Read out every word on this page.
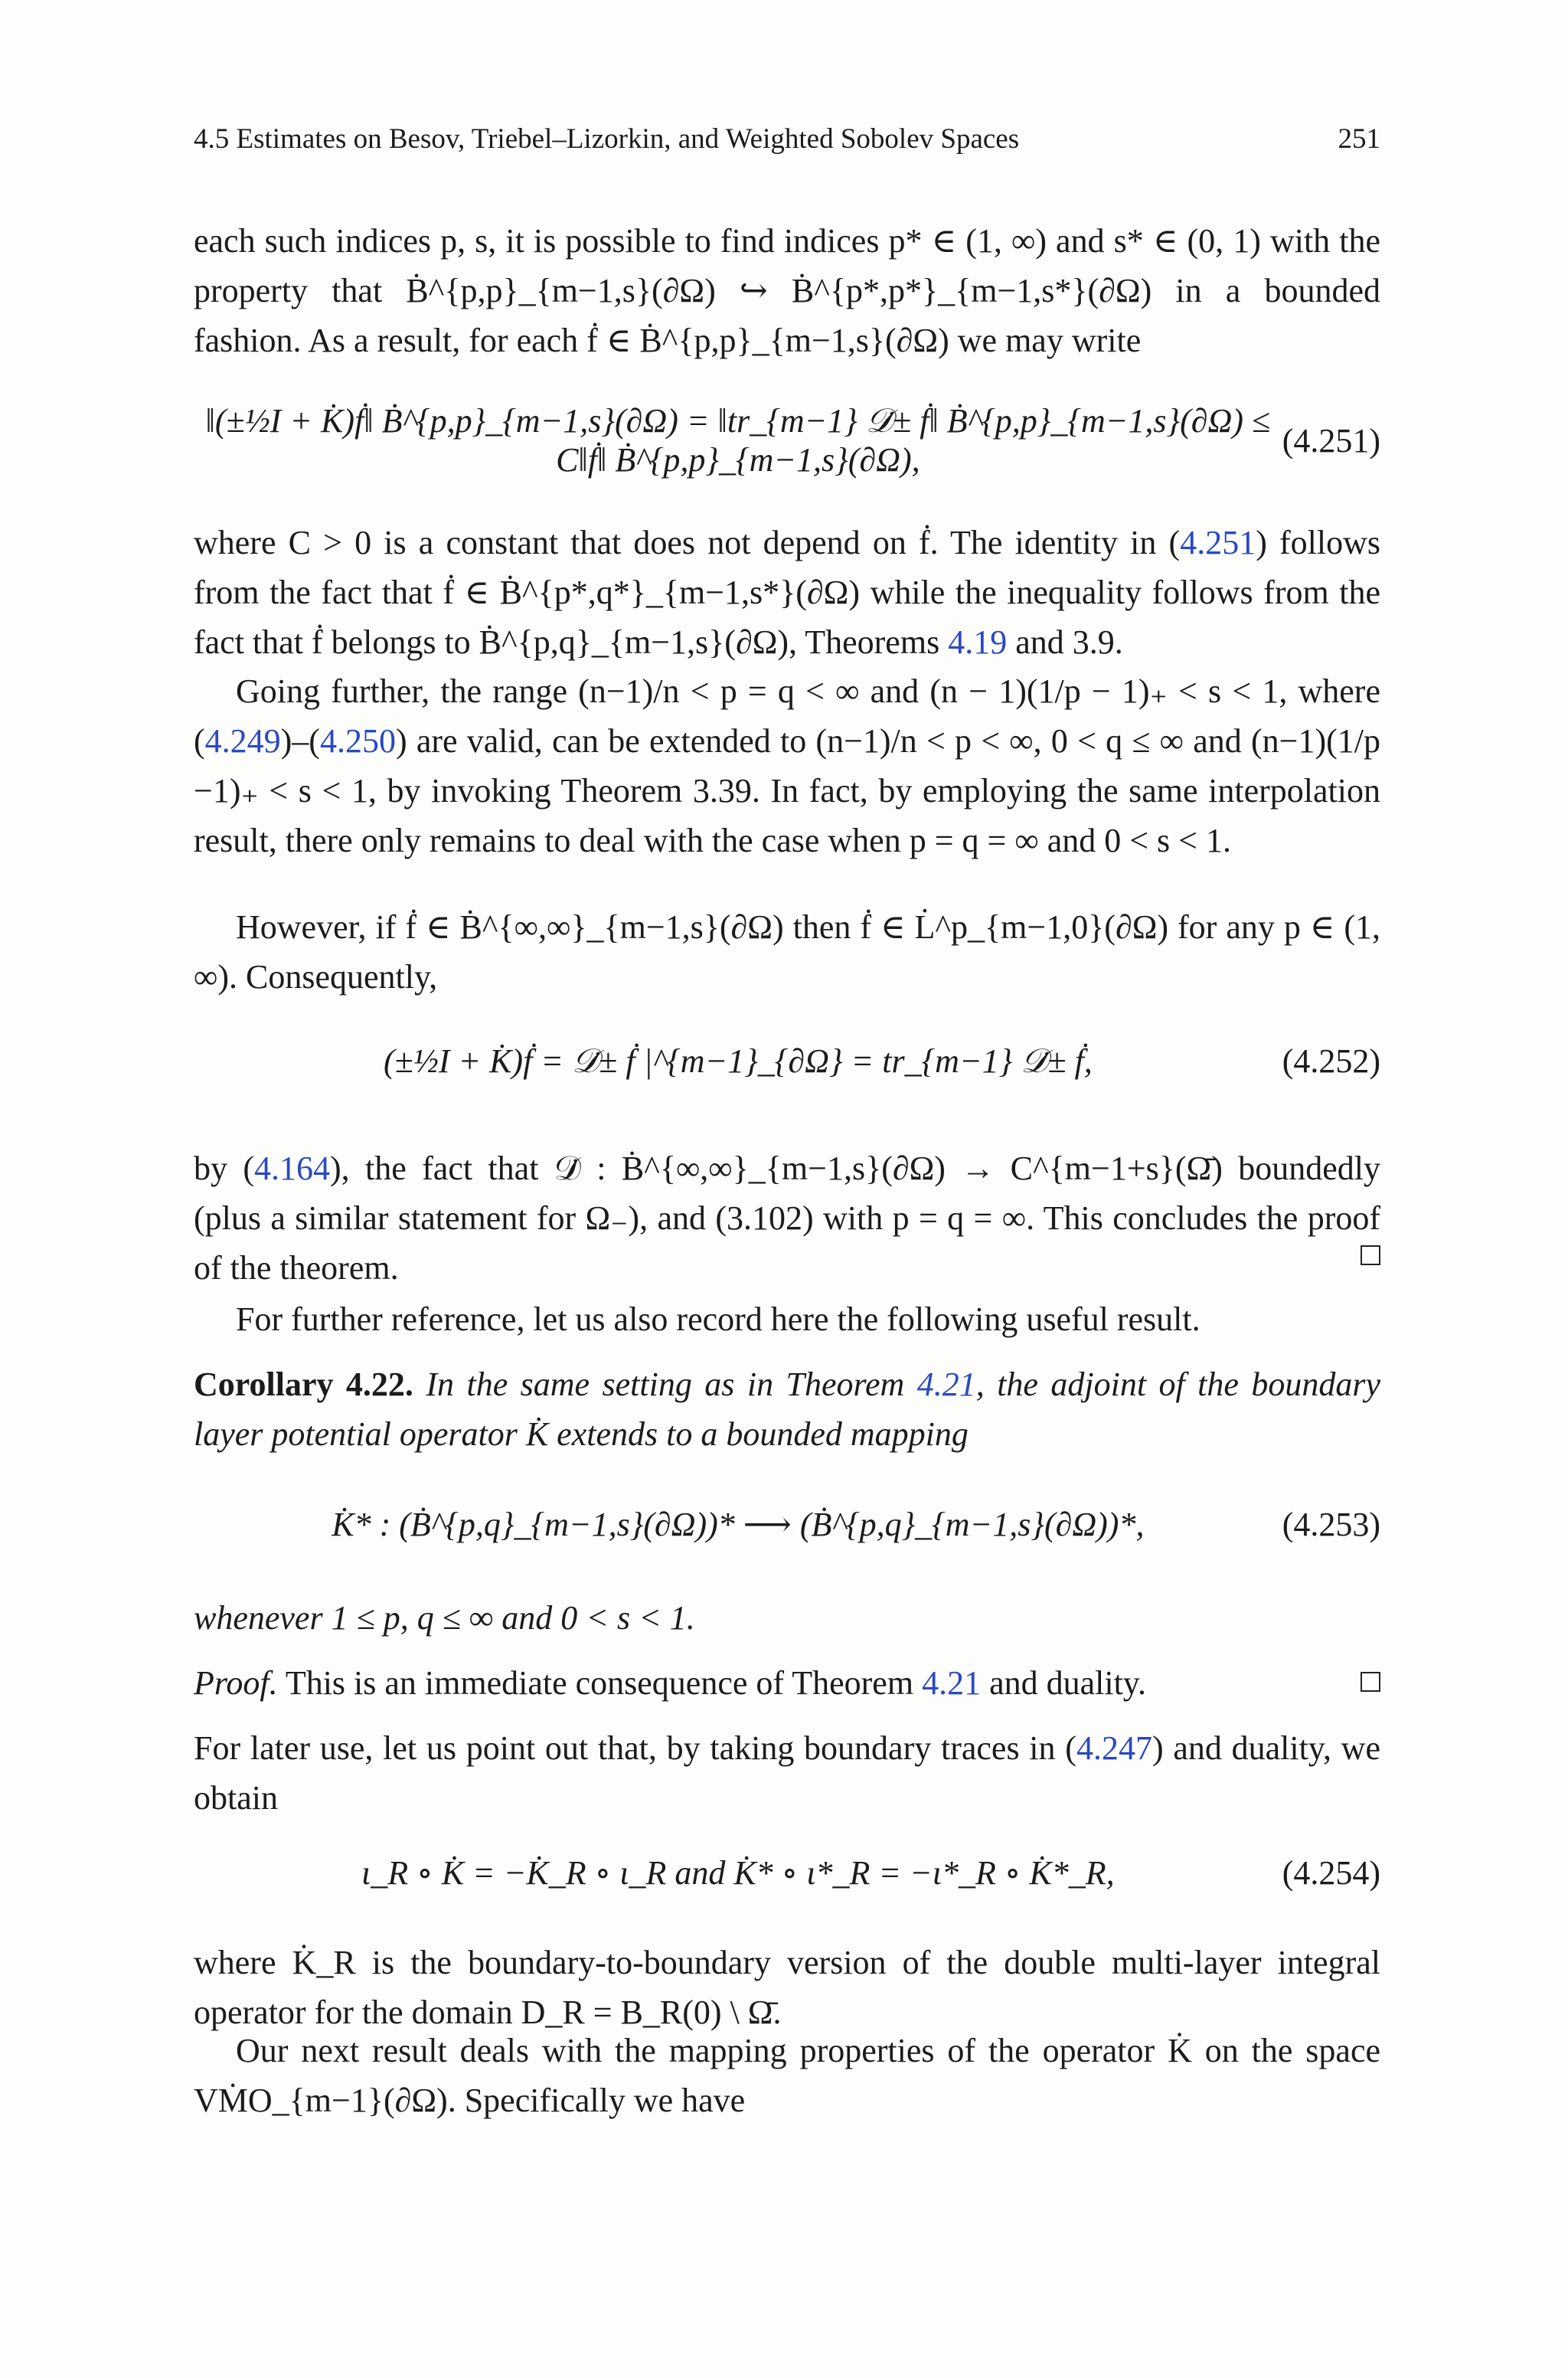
4.5 Estimates on Besov, Triebel–Lizorkin, and Weighted Sobolev Spaces	251
each such indices p, s, it is possible to find indices p* ∈ (1, ∞) and s* ∈ (0, 1) with the property that Ḃ^{p,p}_{m−1,s}(∂Ω) ↪ Ḃ^{p*,p*}_{m−1,s*}(∂Ω) in a bounded fashion. As a result, for each ḟ ∈ Ḃ^{p,p}_{m−1,s}(∂Ω) we may write
‖(±½I + K̇)ḟ‖ Ḃ^{p,p}_{m−1,s}(∂Ω) = ‖tr_{m−1} 𝒟̇± ḟ‖ Ḃ^{p,p}_{m−1,s}(∂Ω) ≤ C‖ḟ‖ Ḃ^{p,p}_{m−1,s}(∂Ω),
(4.251)
where C > 0 is a constant that does not depend on ḟ. The identity in (4.251) follows from the fact that ḟ ∈ Ḃ^{p*,q*}_{m−1,s*}(∂Ω) while the inequality follows from the fact that ḟ belongs to Ḃ^{p,q}_{m−1,s}(∂Ω), Theorems 4.19 and 3.9.
Going further, the range (n−1)/n < p = q < ∞ and (n − 1)(1/p − 1)₊ < s < 1, where (4.249)–(4.250) are valid, can be extended to (n−1)/n < p < ∞, 0 < q ≤ ∞ and (n−1)(1/p −1)₊ < s < 1, by invoking Theorem 3.39. In fact, by employing the same interpolation result, there only remains to deal with the case when p = q = ∞ and 0 < s < 1.
However, if ḟ ∈ Ḃ^{∞,∞}_{m−1,s}(∂Ω) then ḟ ∈ L̇^p_{m−1,0}(∂Ω) for any p ∈ (1, ∞). Consequently,
(±½I + K̇)ḟ = 𝒟̇± ḟ |^{m−1}_{∂Ω} = tr_{m−1} 𝒟̇± ḟ,	(4.252)
by (4.164), the fact that 𝒟̇ : Ḃ^{∞,∞}_{m−1,s}(∂Ω) → C^{m−1+s}(Ω̄) boundedly (plus a similar statement for Ω₋), and (3.102) with p = q = ∞. This concludes the proof of the theorem.
For further reference, let us also record here the following useful result.
Corollary 4.22. In the same setting as in Theorem 4.21, the adjoint of the boundary layer potential operator K̇ extends to a bounded mapping
K̇* : (Ḃ^{p,q}_{m−1,s}(∂Ω))* ⟶ (Ḃ^{p,q}_{m−1,s}(∂Ω))*,	(4.253)
whenever 1 ≤ p, q ≤ ∞ and 0 < s < 1.
Proof. This is an immediate consequence of Theorem 4.21 and duality.
For later use, let us point out that, by taking boundary traces in (4.247) and duality, we obtain
ι_R ∘ K̇ = −K̇_R ∘ ι_R and K̇* ∘ ι*_R = −ι*_R ∘ K̇*_R,	(4.254)
where K̇_R is the boundary-to-boundary version of the double multi-layer integral operator for the domain D_R = B_R(0) \ Ω̄.
Our next result deals with the mapping properties of the operator K̇ on the space VṀO_{m−1}(∂Ω). Specifically we have
